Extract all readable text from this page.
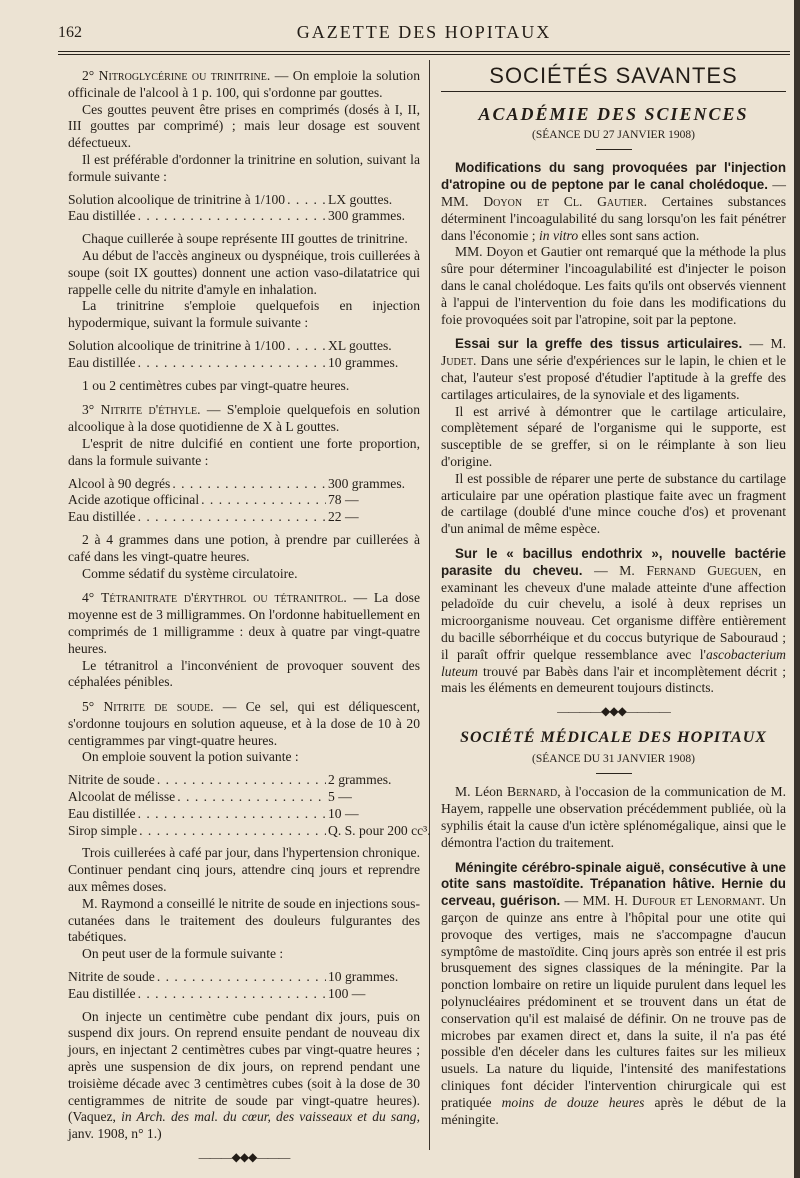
162	GAZETTE DES HOPITAUX

2° Nitroglycérine ou trinitrine. — On emploie la solution officinale de l'alcool à 1 p. 100, qui s'ordonne par gouttes.

Ces gouttes peuvent être prises en comprimés (dosés à I, II, III gouttes par comprimé) ; mais leur dosage est souvent défectueux.

Il est préférable d'ordonner la trinitrine en solution, suivant la formule suivante :

Solution alcoolique de trinitrine à 1/100 . . .	LX gouttes.
Eau distillée . . .	300 grammes.

Chaque cuillerée à soupe représente III gouttes de trinitrine.

Au début de l'accès angineux ou dyspnéique, trois cuillerées à soupe (soit IX gouttes) donnent une action vaso-dilatatrice qui rappelle celle du nitrite d'amyle en inhalation.

La trinitrine s'emploie quelquefois en injection hypodermique, suivant la formule suivante :

Solution alcoolique de trinitrine à 1/100 . . .	XL gouttes.
Eau distillée . . .	10 grammes.

1 ou 2 centimètres cubes par vingt-quatre heures.

3° Nitrite d'éthyle. — S'emploie quelquefois en solution alcoolique à la dose quotidienne de X à L gouttes.

L'esprit de nitre dulcifié en contient une forte proportion, dans la formule suivante :

Alcool à 90 degrés . . .	300 grammes.
Acide azotique officinal . . .	78 —
Eau distillée . . .	22 —

2 à 4 grammes dans une potion, à prendre par cuillerées à café dans les vingt-quatre heures.

Comme sédatif du système circulatoire.

4° Tétranitrate d'érythrol ou tétranitrol. — La dose moyenne est de 3 milligrammes. On l'ordonne habituellement en comprimés de 1 milligramme : deux à quatre par vingt-quatre heures.

Le tétranitrol a l'inconvénient de provoquer souvent des céphalées pénibles.

5° Nitrite de soude. — Ce sel, qui est déliquescent, s'ordonne toujours en solution aqueuse, et à la dose de 10 à 20 centigrammes par vingt-quatre heures.

On emploie souvent la potion suivante :

Nitrite de soude . . .	2 grammes.
Alcoolat de mélisse . . .	5 —
Eau distillée . . .	10 —
Sirop simple . . .	Q. S. pour 200 cc³.

Trois cuillerées à café par jour, dans l'hypertension chronique. Continuer pendant cinq jours, attendre cinq jours et reprendre aux mêmes doses.

M. Raymond a conseillé le nitrite de soude en injections sous-cutanées dans le traitement des douleurs fulgurantes des tabétiques.

On peut user de la formule suivante :

Nitrite de soude . . .	10 grammes.
Eau distillée . . .	100 —

On injecte un centimètre cube pendant dix jours, puis on suspend dix jours. On reprend ensuite pendant de nouveau dix jours, en injectant 2 centimètres cubes par vingt-quatre heures ; après une suspension de dix jours, on reprend pendant une troisième décade avec 3 centimètres cubes (soit à la dose de 30 centigrammes de nitrite de soude par vingt-quatre heures). (Vaquez, in Arch. des mal. du cœur, des vaisseaux et du sang, janv. 1908, n° 1.)

———◆◆◆———
SOCIÉTÉS SAVANTES
ACADÉMIE DES SCIENCES
(SÉANCE DU 27 JANVIER 1908)

Modifications du sang provoquées par l'injection d'atropine ou de peptone par le canal cholédoque. — MM. Doyon et Cl. Gautier. Certaines substances déterminent l'incoagulabilité du sang lorsqu'on les fait pénétrer dans l'économie ; in vitro elles sont sans action.

MM. Doyon et Gautier ont remarqué que la méthode la plus sûre pour déterminer l'incoagulabilité est d'injecter le poison dans le canal cholédoque. Les faits qu'ils ont observés viennent à l'appui de l'intervention du foie dans les modifications du foie provoquées soit par l'atropine, soit par la peptone.

Essai sur la greffe des tissus articulaires. — M. Judet. Dans une série d'expériences sur le lapin, le chien et le chat, l'auteur s'est proposé d'étudier l'aptitude à la greffe des cartilages articulaires, de la synoviale et des ligaments.

Il est arrivé à démontrer que le cartilage articulaire, complètement séparé de l'organisme qui le supporte, est susceptible de se greffer, si on le réimplante à son lieu d'origine.

Il est possible de réparer une perte de substance du cartilage articulaire par une opération plastique faite avec un fragment de cartilage (doublé d'une mince couche d'os) et provenant d'un animal de même espèce.

Sur le « bacillus endothrix », nouvelle bactérie parasite du cheveu. — M. Fernand Gueguen, en examinant les cheveux d'une malade atteinte d'une affection peladoïde du cuir chevelu, a isolé à deux reprises un microorganisme nouveau. Cet organisme diffère entièrement du bacille séborrhéique et du coccus butyrique de Sabouraud ; il paraît offrir quelque ressemblance avec l'ascobacterium luteum trouvé par Babès dans l'air et incomplètement décrit ; mais les éléments en demeurent toujours distincts.

————◆◆◆————
SOCIÉTÉ MÉDICALE DES HOPITAUX
(SÉANCE DU 31 JANVIER 1908)

M. Léon Bernard, à l'occasion de la communication de M. Hayem, rappelle une observation précédemment publiée, où la syphilis était la cause d'un ictère splénomégalique, ainsi que le démontra l'action du traitement.

Méningite cérébro-spinale aiguë, consécutive à une otite sans mastoïdite. Trépanation hâtive. Hernie du cerveau, guérison. — MM. H. Dufour et Lenormant. Un garçon de quinze ans entre à l'hôpital pour une otite qui provoque des vertiges, mais ne s'accompagne d'aucun symptôme de mastoïdite. Cinq jours après son entrée il est pris brusquement des signes classiques de la méningite. Par la ponction lombaire on retire un liquide purulent dans lequel les polynucléaires prédominent et se trouvent dans un état de conservation qu'il est malaisé de définir. On ne trouve pas de microbes par examen direct et, dans la suite, il n'a pas été possible d'en déceler dans les cultures faites sur les milieux usuels. La nature du liquide, l'intensité des manifestations cliniques font décider l'intervention chirurgicale qui est pratiquée moins de douze heures après le début de la méningite.
